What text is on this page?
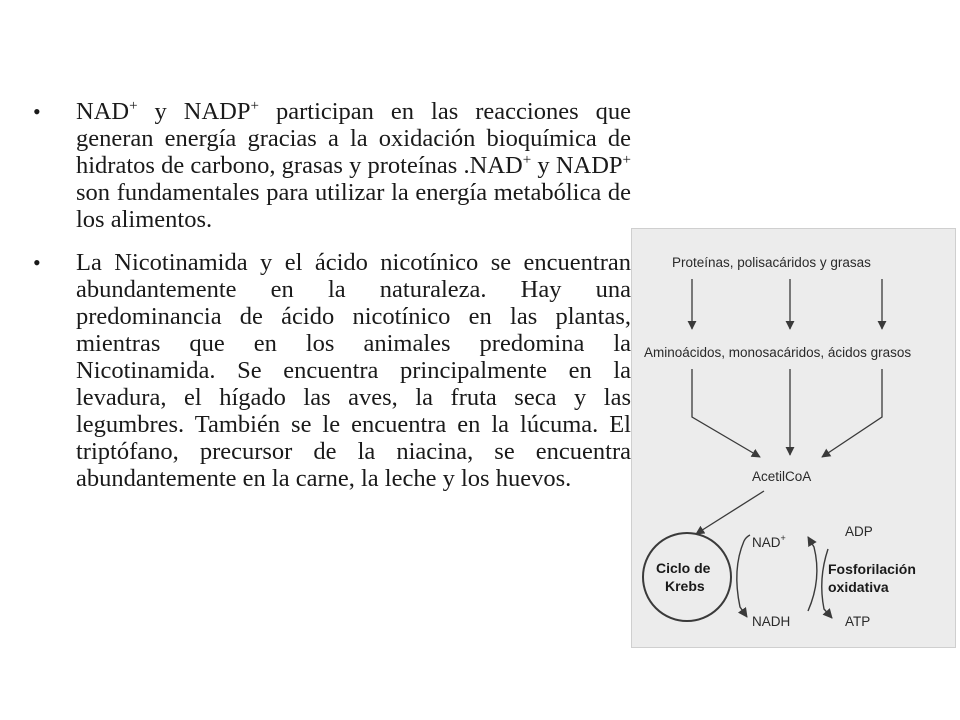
• NAD+ y NADP+ participan en las reacciones que generan energía gracias a la oxidación bioquímica de hidratos de carbono, grasas y proteínas .NAD+ y NADP+ son fundamentales para utilizar la energía metabólica de los alimentos.
• La Nicotinamida y el ácido nicotínico se encuentran abundantemente en la naturaleza. Hay una predominancia de ácido nicotínico en las plantas, mientras que en los animales predomina la Nicotinamida. Se encuentra principalmente en la levadura, el hígado las aves, la fruta seca y las legumbres. También se le encuentra en la lúcuma. El triptófano, precursor de la niacina, se encuentra abundantemente en la carne, la leche y los huevos.
Proteínas, polisacáridos y grasas
Aminoácidos, monosacáridos, ácidos grasos
AcetilCoA
Ciclo de
Krebs
NAD+
NADH
ADP
ATP
Fosforilación
oxidativa
